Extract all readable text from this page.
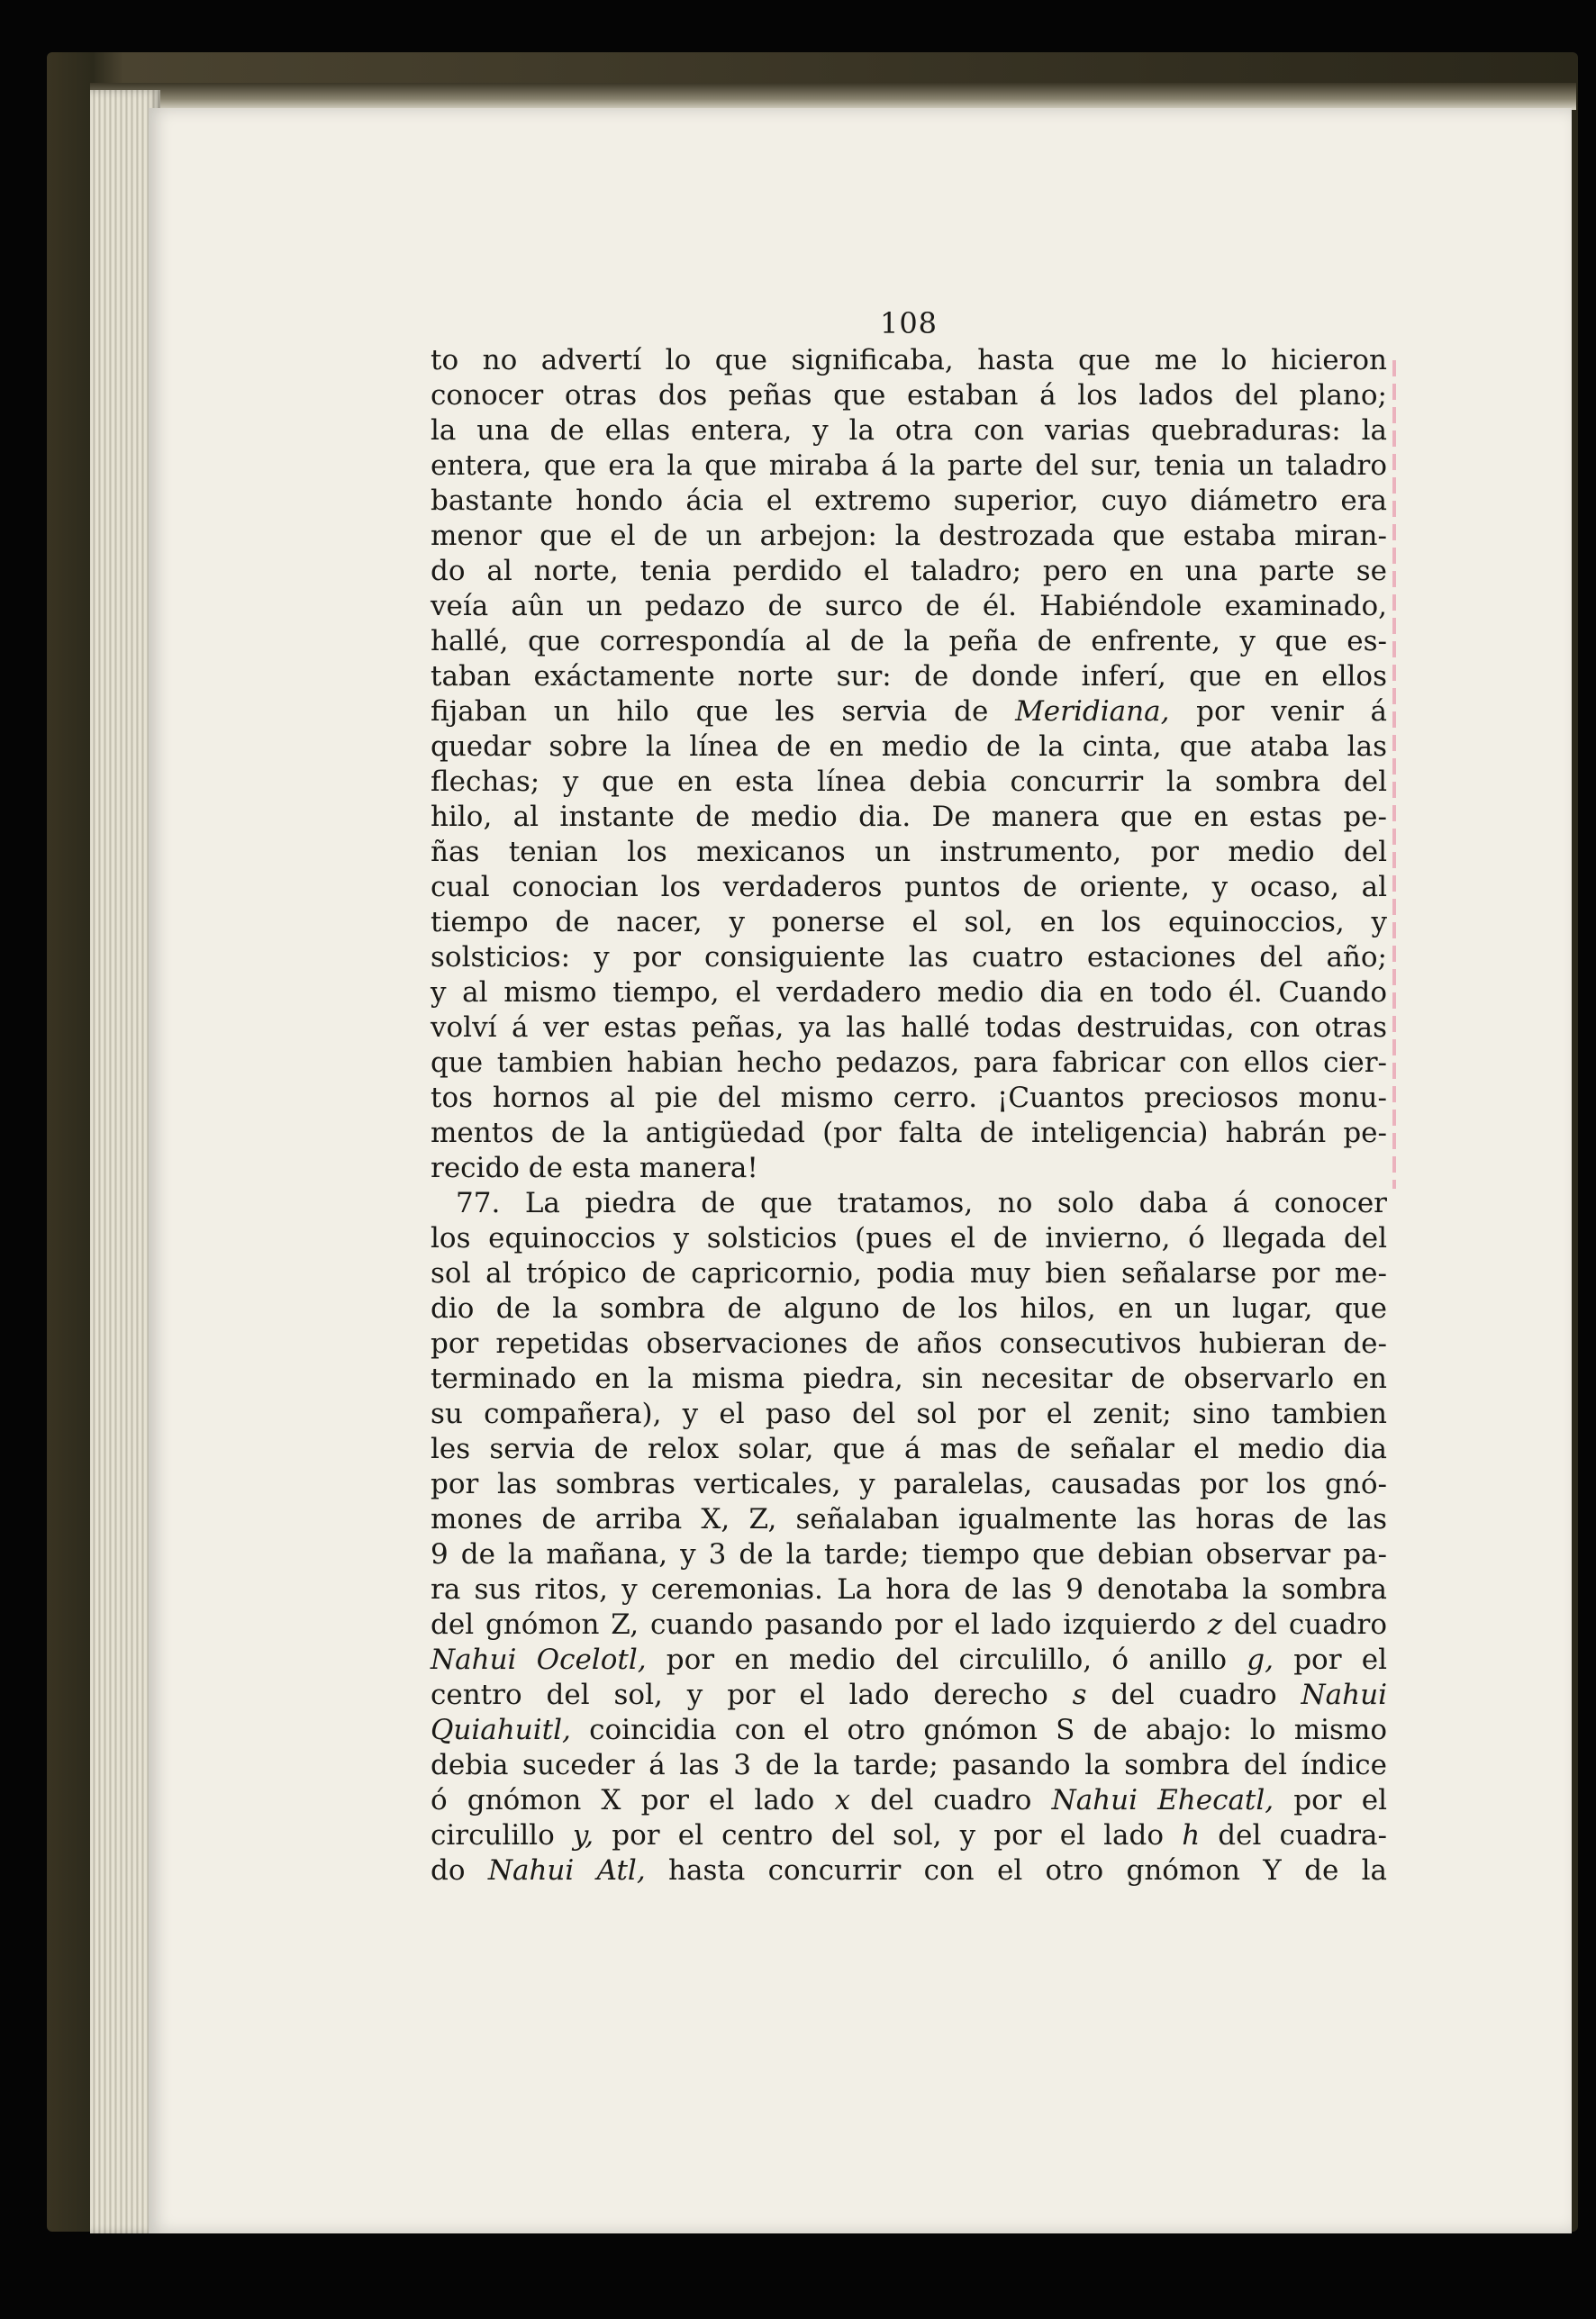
108
to no advertí lo que significaba, hasta que me lo hicieron
conocer otras dos peñas que estaban á los lados del plano;
la una de ellas entera, y la otra con varias quebraduras: la
entera, que era la que miraba á la parte del sur, tenia un taladro
bastante hondo ácia el extremo superior, cuyo diámetro era
menor que el de un arbejon: la destrozada que estaba miran-
do al norte, tenia perdido el taladro; pero en una parte se
veía aûn un pedazo de surco de él. Habiéndole examinado,
hallé, que correspondía al de la peña de enfrente, y que es-
taban exáctamente norte sur: de donde inferí, que en ellos
fijaban un hilo que les servia de Meridiana, por venir á
quedar sobre la línea de en medio de la cinta, que ataba las
flechas; y que en esta línea debia concurrir la sombra del
hilo, al instante de medio dia. De manera que en estas pe-
ñas tenian los mexicanos un instrumento, por medio del
cual conocian los verdaderos puntos de oriente, y ocaso, al
tiempo de nacer, y ponerse el sol, en los equinoccios, y
solsticios: y por consiguiente las cuatro estaciones del año;
y al mismo tiempo, el verdadero medio dia en todo él. Cuando
volví á ver estas peñas, ya las hallé todas destruidas, con otras
que tambien habian hecho pedazos, para fabricar con ellos cier-
tos hornos al pie del mismo cerro. ¡Cuantos preciosos monu-
mentos de la antigüedad (por falta de inteligencia) habrán pe-
recido de esta manera!
77. La piedra de que tratamos, no solo daba á conocer
los equinoccios y solsticios (pues el de invierno, ó llegada del
sol al trópico de capricornio, podia muy bien señalarse por me-
dio de la sombra de alguno de los hilos, en un lugar, que
por repetidas observaciones de años consecutivos hubieran de-
terminado en la misma piedra, sin necesitar de observarlo en
su compañera), y el paso del sol por el zenit; sino tambien
les servia de relox solar, que á mas de señalar el medio dia
por las sombras verticales, y paralelas, causadas por los gnó-
mones de arriba X, Z, señalaban igualmente las horas de las
9 de la mañana, y 3 de la tarde; tiempo que debian observar pa-
ra sus ritos, y ceremonias. La hora de las 9 denotaba la sombra
del gnómon Z, cuando pasando por el lado izquierdo z del cuadro
Nahui Ocelotl, por en medio del circulillo, ó anillo g, por el
centro del sol, y por el lado derecho s del cuadro Nahui
Quiahuitl, coincidia con el otro gnómon S de abajo: lo mismo
debia suceder á las 3 de la tarde; pasando la sombra del índice
ó gnómon X por el lado x del cuadro Nahui Ehecatl, por el
circulillo y, por el centro del sol, y por el lado h del cuadra-
do Nahui Atl, hasta concurrir con el otro gnómon Y de la
